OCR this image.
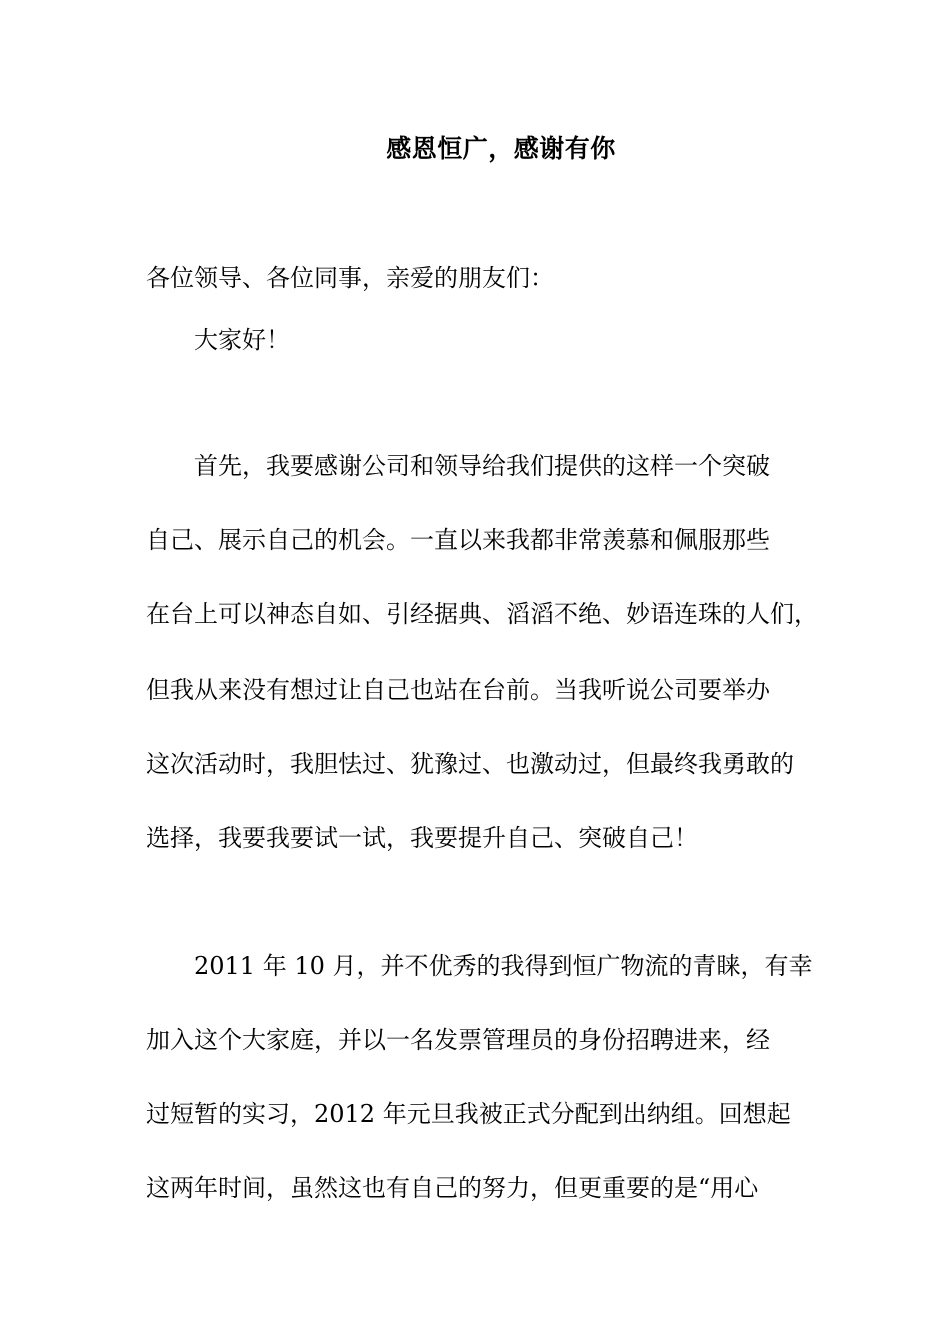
感恩恒广，感谢有你
各位领导、各位同事，亲爱的朋友们：
大家好！
首先，我要感谢公司和领导给我们提供的这样一个突破
自己、展示自己的机会。一直以来我都非常羡慕和佩服那些
在台上可以神态自如、引经据典、滔滔不绝、妙语连珠的人们，
但我从来没有想过让自己也站在台前。当我听说公司要举办
这次活动时，我胆怯过、犹豫过、也激动过，但最终我勇敢的
选择，我要我要试一试，我要提升自己、突破自己！
2011 年 10 月，并不优秀的我得到恒广物流的青睐，有幸
加入这个大家庭，并以一名发票管理员的身份招聘进来，经
过短暂的实习，2012 年元旦我被正式分配到出纳组。回想起
这两年时间，虽然这也有自己的努力，但更重要的是“用心
